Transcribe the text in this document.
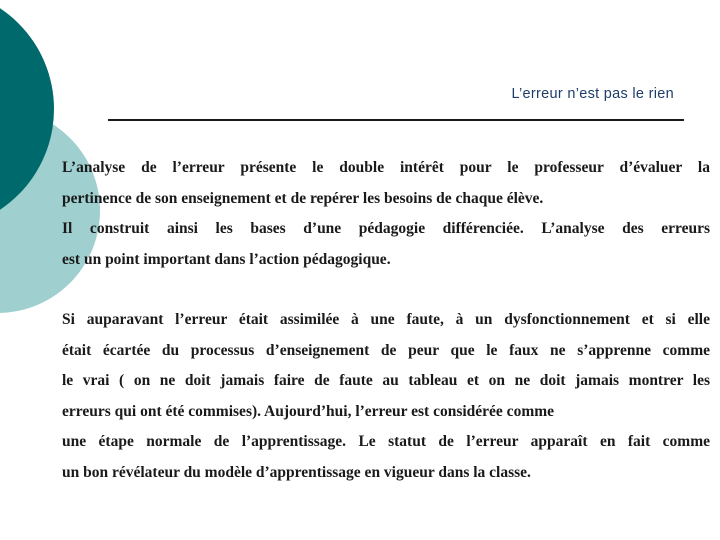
L’erreur n’est pas le rien
L’analyse de l’erreur présente le double intérêt pour le professeur d’évaluer la
pertinence de son enseignement et de repérer les besoins de chaque élève.
Il construit ainsi les bases d’une pédagogie différenciée. L’analyse des erreurs
est un point important dans l’action pédagogique.
Si auparavant l’erreur était assimilée à une faute, à un dysfonctionnement et si elle
était écartée du processus d’enseignement de peur que le faux ne s’apprenne comme
le vrai ( on ne doit jamais faire de faute au tableau et on ne doit jamais montrer les
erreurs qui ont été commises). Aujourd’hui, l’erreur est considérée comme
une étape normale de l’apprentissage. Le statut de l’erreur apparaît en fait comme
un bon révélateur du modèle d’apprentissage en vigueur dans la classe.
